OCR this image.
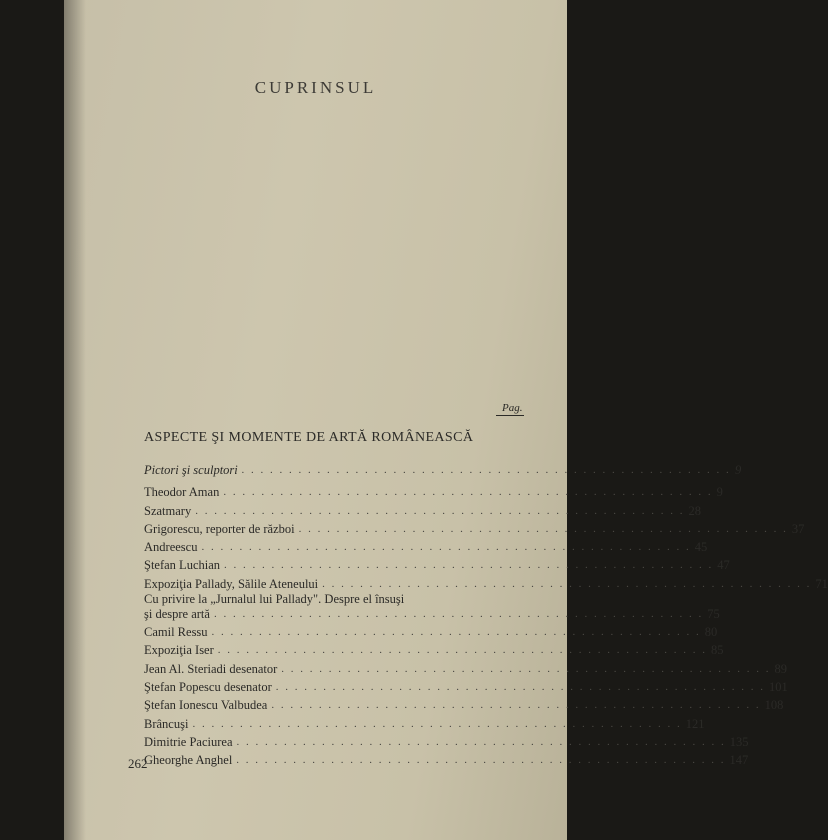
CUPRINSUL
Pag.
ASPECTE ŞI MOMENTE DE ARTĂ ROMÂNEASCĂ
Pictori şi sculptori . . . . . . . . . . . . . . . . . . . . . . . . . . . . . . . . . . . . . . . . . . . . . . . . . . . . 9
Theodor Aman . . . . . . . . . . . . . . . . . . . . . . . . . . . . . . . . . . . . . . . . . . . . . . . . . . . . 9
Szatmary . . . . . . . . . . . . . . . . . . . . . . . . . . . . . . . . . . . . . . . . . . . . . . . . . . . . 28
Grigorescu, reporter de război . . . . . . . . . . . . . . . . . . . . . . . . . . . . . . . . . . . . . . . . . . . . . . . . . . . . 37
Andreescu . . . . . . . . . . . . . . . . . . . . . . . . . . . . . . . . . . . . . . . . . . . . . . . . . . . . 45
Ştefan Luchian . . . . . . . . . . . . . . . . . . . . . . . . . . . . . . . . . . . . . . . . . . . . . . . . . . . . 47
Expoziţia Pallady, Sălile Ateneului . . . . . . . . . . . . . . . . . . . . . . . . . . . . . . . . . . . . . . . . . . . . . . . . . . . . 71
Cu privire la „Jurnalul lui Pallady". Despre el însuşi
şi despre artă . . . . . . . . . . . . . . . . . . . . . . . . . . . . . . . . . . . . . . . . . . . . . . . . . . . . 75
Camil Ressu . . . . . . . . . . . . . . . . . . . . . . . . . . . . . . . . . . . . . . . . . . . . . . . . . . . . 80
Expoziţia Iser . . . . . . . . . . . . . . . . . . . . . . . . . . . . . . . . . . . . . . . . . . . . . . . . . . . . 85
Jean Al. Steriadi desenator . . . . . . . . . . . . . . . . . . . . . . . . . . . . . . . . . . . . . . . . . . . . . . . . . . . . 89
Ştefan Popescu desenator . . . . . . . . . . . . . . . . . . . . . . . . . . . . . . . . . . . . . . . . . . . . . . . . . . . . 101
Ştefan Ionescu Valbudea . . . . . . . . . . . . . . . . . . . . . . . . . . . . . . . . . . . . . . . . . . . . . . . . . . . . 108
Brâncuşi . . . . . . . . . . . . . . . . . . . . . . . . . . . . . . . . . . . . . . . . . . . . . . . . . . . . 121
Dimitrie Paciurea . . . . . . . . . . . . . . . . . . . . . . . . . . . . . . . . . . . . . . . . . . . . . . . . . . . . 135
Gheorghe Anghel . . . . . . . . . . . . . . . . . . . . . . . . . . . . . . . . . . . . . . . . . . . . . . . . . . . . 147
262
